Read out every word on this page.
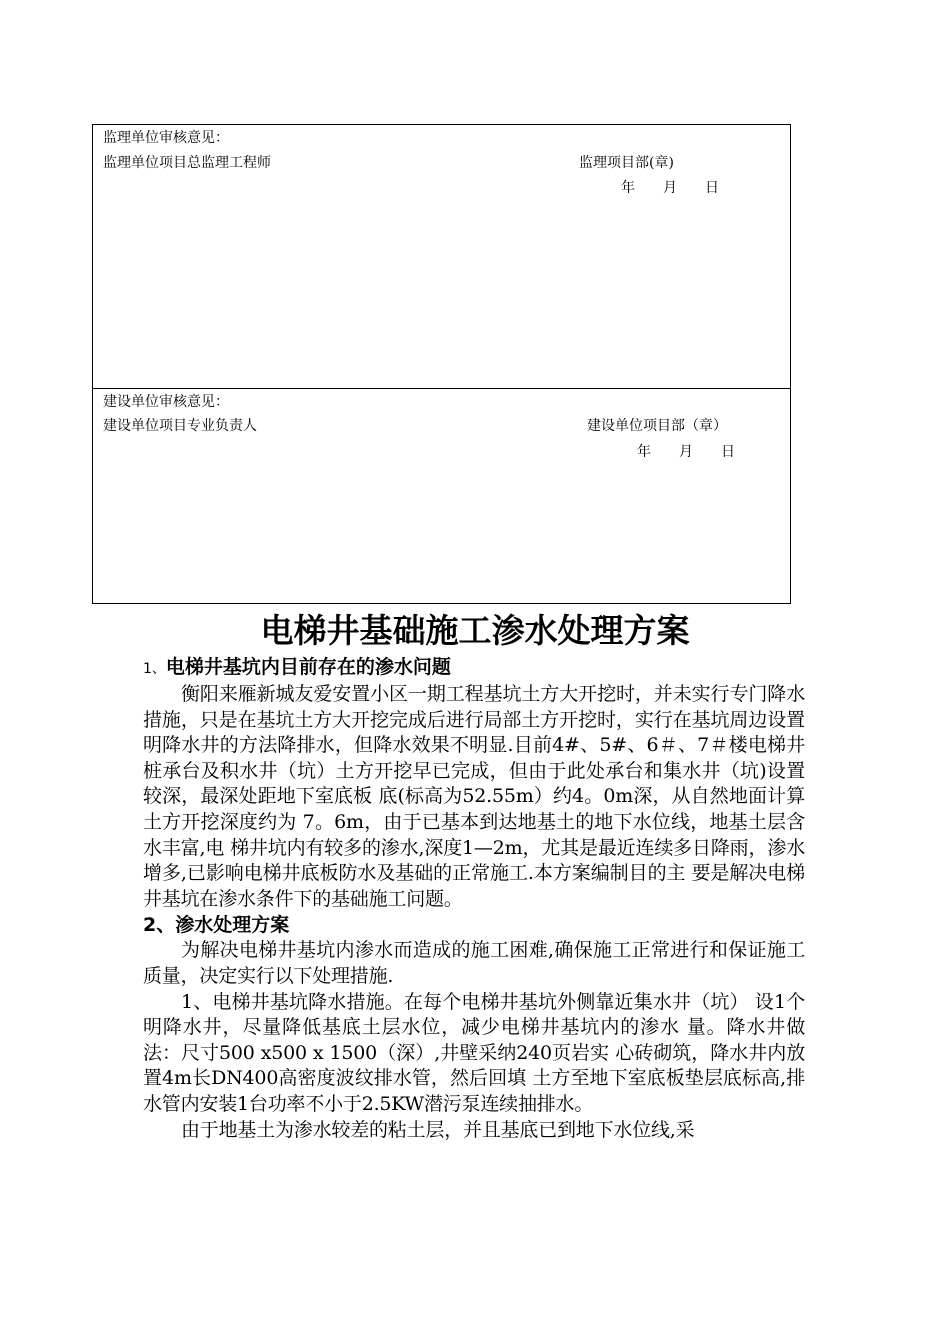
监理单位审核意见：
监理单位项目总监理工程师	监理项目部(章)
年　　月　　日
建设单位审核意见：
建设单位项目专业负责人	建设单位项目部（章）
年　　月　　日
电梯井基础施工渗水处理方案

1、电梯井基坑内目前存在的渗水问题

衡阳来雁新城友爱安置小区一期工程基坑土方大开挖时，并未实行专门降水措施，只是在基坑土方大开挖完成后进行局部土方开挖时，实行在基坑周边设置明降水井的方法降排水，但降水效果不明显.目前4#、5#、6＃、7＃楼电梯井桩承台及积水井（坑）土方开挖早已完成，但由于此处承台和集水井（坑)设置较深，最深处距地下室底板 底(标高为52.55m）约4。0m深，从自然地面计算土方开挖深度约为 7。6m，由于已基本到达地基土的地下水位线，地基土层含水丰富,电 梯井坑内有较多的渗水,深度1—2m，尤其是最近连续多日降雨，渗水增多,已影响电梯井底板防水及基础的正常施工.本方案编制目的主 要是解决电梯井基坑在渗水条件下的基础施工问题。

2、渗水处理方案

为解决电梯井基坑内渗水而造成的施工困难,确保施工正常进行和保证施工质量，决定实行以下处理措施.

1、电梯井基坑降水措施。在每个电梯井基坑外侧靠近集水井（坑） 设1个明降水井，尽量降低基底土层水位，减少电梯井基坑内的渗水 量。降水井做法：尺寸500 x500 x 1500（深）,井壁采纳240页岩实 心砖砌筑，降水井内放置4m长DN400高密度波纹排水管，然后回填 土方至地下室底板垫层底标高,排水管内安装1台功率不小于2.5KW潜污泵连续抽排水。

由于地基土为渗水较差的粘土层，并且基底已到地下水位线,采
